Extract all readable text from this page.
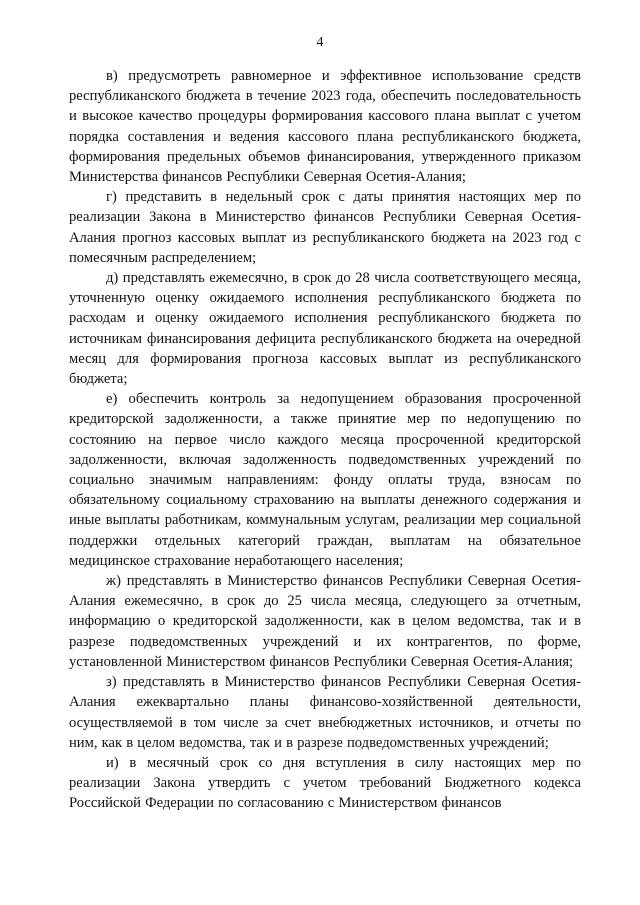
4

в) предусмотреть равномерное и эффективное использование средств республиканского бюджета в течение 2023 года, обеспечить последовательность и высокое качество процедуры формирования кассового плана выплат с учетом порядка составления и ведения кассового плана республиканского бюджета, формирования предельных объемов финансирования, утвержденного приказом Министерства финансов Республики Северная Осетия-Алания;

г) представить в недельный срок с даты принятия настоящих мер по реализации Закона в Министерство финансов Республики Северная Осетия-Алания прогноз кассовых выплат из республиканского бюджета на 2023 год с помесячным распределением;

д) представлять ежемесячно, в срок до 28 числа соответствующего месяца, уточненную оценку ожидаемого исполнения республиканского бюджета по расходам и оценку ожидаемого исполнения республиканского бюджета по источникам финансирования дефицита республиканского бюджета на очередной месяц для формирования прогноза кассовых выплат из республиканского бюджета;

е) обеспечить контроль за недопущением образования просроченной кредиторской задолженности, а также принятие мер по недопущению по состоянию на первое число каждого месяца просроченной кредиторской задолженности, включая задолженность подведомственных учреждений по социально значимым направлениям: фонду оплаты труда, взносам по обязательному социальному страхованию на выплаты денежного содержания и иные выплаты работникам, коммунальным услугам, реализации мер социальной поддержки отдельных категорий граждан, выплатам на обязательное медицинское страхование неработающего населения;

ж) представлять в Министерство финансов Республики Северная Осетия-Алания ежемесячно, в срок до 25 числа месяца, следующего за отчетным, информацию о кредиторской задолженности, как в целом ведомства, так и в разрезе подведомственных учреждений и их контрагентов, по форме, установленной Министерством финансов Республики Северная Осетия-Алания;

з) представлять в Министерство финансов Республики Северная Осетия-Алания ежеквартально планы финансово-хозяйственной деятельности, осуществляемой в том числе за счет внебюджетных источников, и отчеты по ним, как в целом ведомства, так и в разрезе подведомственных учреждений;

и) в месячный срок со дня вступления в силу настоящих мер по реализации Закона утвердить с учетом требований Бюджетного кодекса Российской Федерации по согласованию с Министерством финансов
